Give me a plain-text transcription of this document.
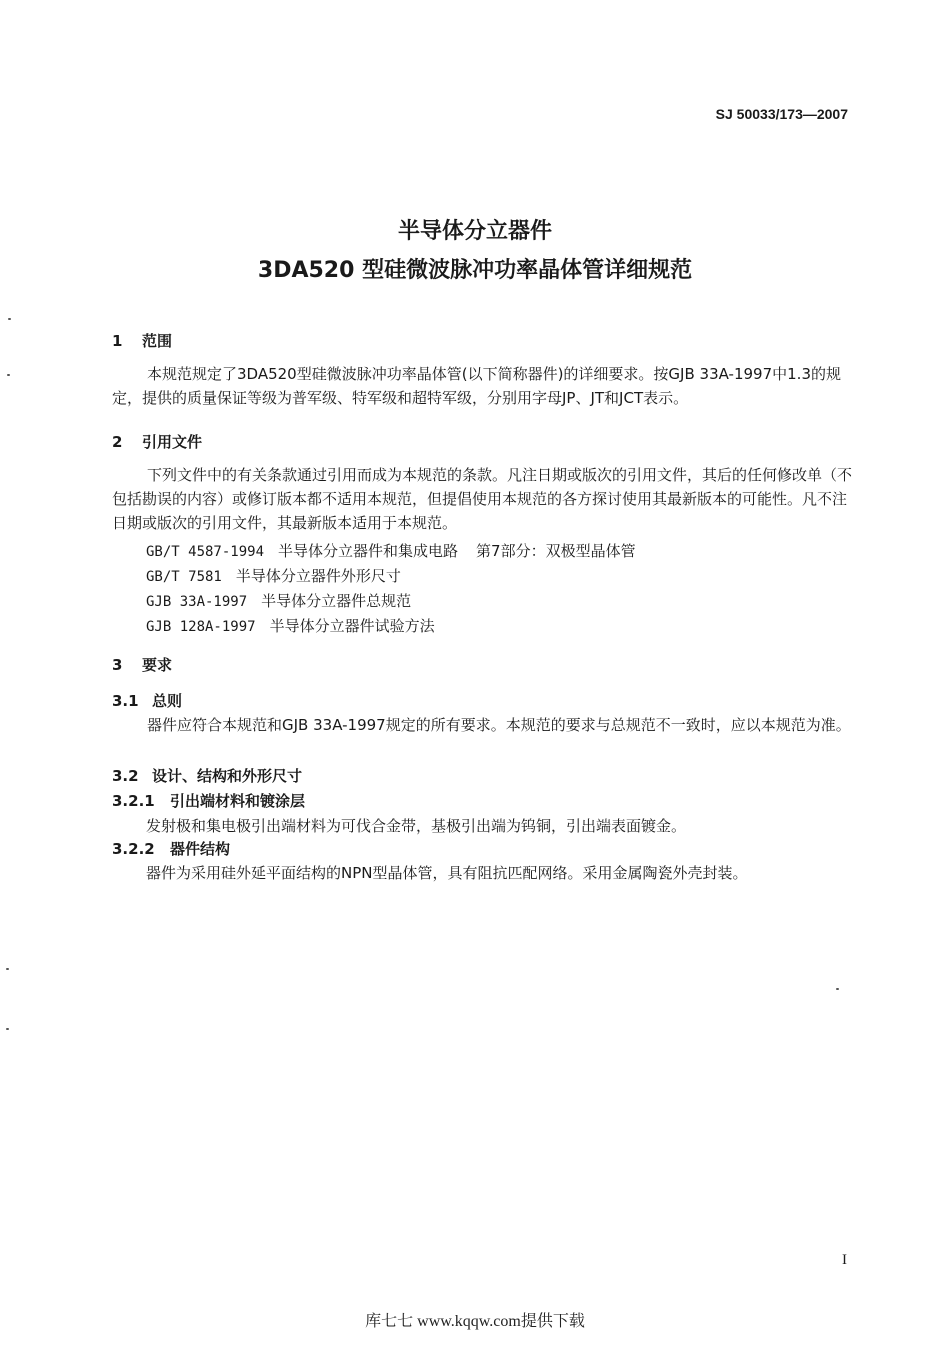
SJ 50033/173—2007
半导体分立器件
3DA520 型硅微波脉冲功率晶体管详细规范
1 范围
本规范规定了3DA520型硅微波脉冲功率晶体管(以下简称器件)的详细要求。按GJB 33A-1997中1.3的规定，提供的质量保证等级为普军级、特军级和超特军级，分别用字母JP、JT和JCT表示。
2 引用文件
下列文件中的有关条款通过引用而成为本规范的条款。凡注日期或版次的引用文件，其后的任何修改单（不包括勘误的内容）或修订版本都不适用本规范，但提倡使用本规范的各方探讨使用其最新版本的可能性。凡不注日期或版次的引用文件，其最新版本适用于本规范。
GB/T 4587-1994 半导体分立器件和集成电路 第7部分：双极型晶体管
GB/T 7581 半导体分立器件外形尺寸
GJB 33A-1997 半导体分立器件总规范
GJB 128A-1997 半导体分立器件试验方法
3 要求
3.1 总则
器件应符合本规范和GJB 33A-1997规定的所有要求。本规范的要求与总规范不一致时，应以本规范为准。
3.2 设计、结构和外形尺寸
3.2.1 引出端材料和镀涂层
发射极和集电极引出端材料为可伐合金带，基极引出端为钨铜，引出端表面镀金。
3.2.2 器件结构
器件为采用硅外延平面结构的NPN型晶体管，具有阻抗匹配网络。采用金属陶瓷外壳封装。
I
库七七 www.kqqw.com提供下载
